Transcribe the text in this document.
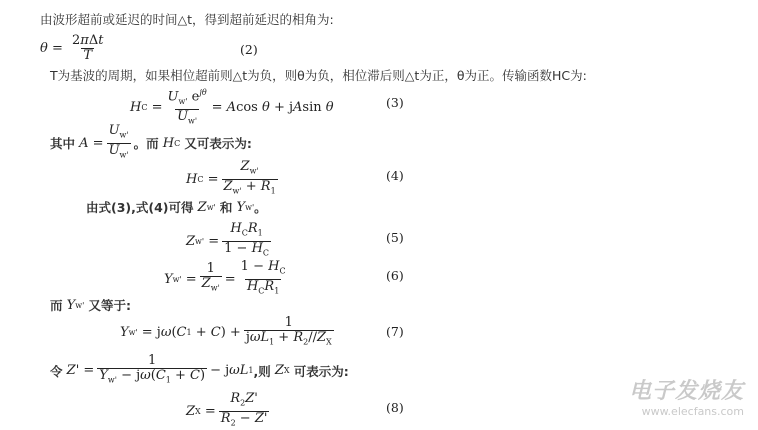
由波形超前或延迟的时间△t，得到超前延迟的相角为:
$\theta = \frac{\text{2πΔt}}{T}$	(2)
T为基波的周期，如果相位超前则△t为负，则θ为负，相位滞后则△t为正，θ为正。传输函数HC为:
H $C = \frac{U_{w'} e^{j\theta}}{U_{w'}} = A$ cos θ + j A sin θ	(3)
其中
$A = \frac{U_{w'}}{U_{w'}}$ 。而
H C
又可表示为:
H $C = \frac{Z_{w'}}{Z_{w'} + R_1}$	(4)
由式(3),式(4)可得
Z w'
和
Y w' 。
Z $w' = \frac{H_CR_1}{1 - H_C}$	(5)
Y $w' = \frac{1}{Z_{w'}} = \frac{1 - H_C}{H_CR_1}$	(6)
而
Y w'
又等于:
Y w' = j ω ( C 1 + C ) + $\frac{1}{j\omega L_1 + R_2//Z_X}$	(7)
令
$Z' = \frac{1}{Y_{w'} - j\omega(C_1 + C)} - j$ ωL 1 ,则
Z X
可表示为:
Z $X = \frac{R_2Z'}{R_2 - Z'}$	(8)
电子发烧友
www.elecfans.com
